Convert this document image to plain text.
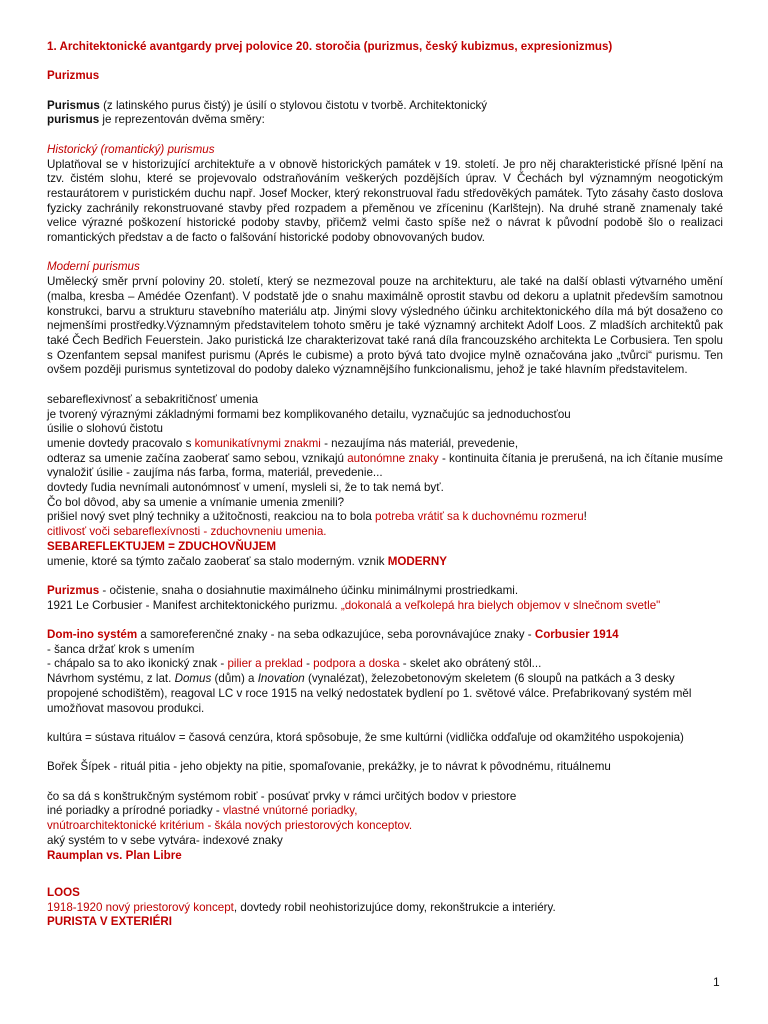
1. Architektonické avantgardy prvej polovice 20. storočia (purizmus, český kubizmus, expresionizmus)

Purizmus

Purismus (z latinského purus čistý) je úsilí o stylovou čistotu v tvorbě. Architektonický
purismus je reprezentován dvěma směry:

Historický (romantický) purismus

Uplatňoval se v historizující architektuře a v obnově historických památek v 19. století. Je pro něj charakteristické přísné lpění na tzv. čistém slohu, které se projevovalo odstraňováním veškerých pozdějších úprav. V Čechách byl významným neogotickým restaurátorem v puristickém duchu např. Josef Mocker, který rekonstruoval řadu středověkých památek. Tyto zásahy často doslova fyzicky zachránily rekonstruované stavby před rozpadem a přeměnou ve zříceninu (Karlštejn). Na druhé straně znamenaly také velice výrazné poškození historické podoby stavby, přičemž velmi často spíše než o návrat k původní podobě šlo o realizaci romantických představ a de facto o falšování historické podoby obnovovaných budov.

Moderní purismus

Umělecký směr první poloviny 20. století, který se nezmezoval pouze na architekturu, ale také na další oblasti výtvarného umění (malba, kresba – Amédée Ozenfant). V podstatě jde o snahu maximálně oprostit stavbu od dekoru a uplatnit především samotnou konstrukci, barvu a strukturu stavebního materiálu atp. Jinými slovy výsledného účinku architektonického díla má být dosaženo co nejmenšími prostředky.Významným představitelem tohoto směru je také významný architekt Adolf Loos. Z mladších architektů pak také Čech Bedřich Feuerstein. Jako puristická lze charakterizovat také raná díla francouzského architekta Le Corbusiera. Ten spolu s Ozenfantem sepsal manifest purismu (Aprés le cubisme) a proto bývá tato dvojice mylně označována jako „tvůrci“ purismu. Ten ovšem později purismus syntetizoval do podoby daleko významnějšího funkcionalismu, jehož je také hlavním představitelem.

sebareflexivnosť a sebakritičnosť umenia

je tvorený výraznými základnými formami bez komplikovaného detailu, vyznačujúc sa jednoduchosťou

úsilie o slohovú čistotu

umenie dovtedy pracovalo s komunikatívnymi znakmi - nezaujíma nás materiál, prevedenie,

odteraz sa umenie začína zaoberať samo sebou, vznikajú autonómne znaky - kontinuita čítania je prerušená, na ich čítanie musíme vynaložiť úsilie - zaujíma nás farba, forma, materiál, prevedenie...

dovtedy ľudia nevnímali autonómnosť v umení, mysleli si, že to tak nemá byť.

Čo bol dôvod, aby sa umenie a vnímanie umenia zmenili?

prišiel nový svet plný techniky a užitočnosti, reakciou na to bola potreba vrátiť sa k duchovnému rozmeru!

citlivosť voči sebareflexívnosti - zduchovneniu umenia.

SEBAREFLEKTUJEM = ZDUCHOVŇUJEM

umenie, ktoré sa týmto začalo zaoberať sa stalo moderným. vznik MODERNY

Purizmus - očistenie, snaha o dosiahnutie maximálneho účinku minimálnymi prostriedkami.

1921 Le Corbusier - Manifest architektonického purizmu. „dokonalá a veľkolepá hra bielych objemov v slnečnom svetle"

Dom-ino systém a samoreferenčné znaky - na seba odkazujúce, seba porovnávajúce znaky - Corbusier 1914

- šanca držať krok s umením

- chápalo sa to ako ikonický znak - pilier a preklad - podpora a doska - skelet ako obrátený stôl...

Návrhom systému, z lat. Domus (dům) a Inovation (vynalézat), železobetonovým skeletem (6 sloupů na patkách a 3 desky propojené schodištěm), reagoval LC v roce 1915 na velký nedostatek bydlení po 1. světové válce. Prefabrikovaný systém měl umožňovat masovou produkci.

kultúra = sústava rituálov = časová cenzúra, ktorá spôsobuje, že sme kultúrni (vidlička odďaľuje od okamžitého uspokojenia)

Bořek Šípek - rituál pitia - jeho objekty na pitie, spomaľovanie, prekážky, je to návrat k pôvodnému, rituálnemu

čo sa dá s konštrukčným systémom robiť - posúvať prvky v rámci určitých bodov v priestore

iné poriadky a prírodné poriadky - vlastné vnútorné poriadky,

vnútroarchitektonické kritérium - škála nových priestorových konceptov.

aký systém to v sebe vytvára- indexové znaky

Raumplan vs. Plan Libre

LOOS

1918-1920 nový priestorový koncept, dovtedy robil neohistorizujúce domy, rekonštrukcie a interiéry.

PURISTA V EXTERIÉRI

1
